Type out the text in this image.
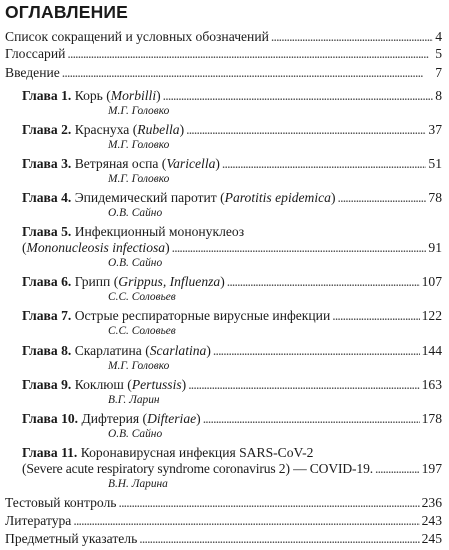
ОГЛАВЛЕНИЕ
Список сокращений и условных обозначений . . .	4
Глоссарий . . .	5
Введение . . .	7
Глава 1. Корь (Morbilli) . . .	8
М.Г. Головко
Глава 2. Краснуха (Rubella) . . .	37
М.Г. Головко
Глава 3. Ветряная оспа (Varicella) . . .	51
М.Г. Головко
Глава 4. Эпидемический паротит (Parotitis epidemica) . . .	78
О.В. Сайно
Глава 5. Инфекционный мононуклеоз
(Mononucleosis infectiosa) . . .	91
О.В. Сайно
Глава 6. Грипп (Grippus, Influenza) . . .	107
С.С. Соловьев
Глава 7. Острые респираторные вирусные инфекции . . .	122
С.С. Соловьев
Глава 8. Скарлатина (Scarlatina) . . .	144
М.Г. Головко
Глава 9. Коклюш (Pertussis) . . .	163
В.Г. Ларин
Глава 10. Дифтерия (Difteriae) . . .	178
О.В. Сайно
Глава 11. Коронавирусная инфекция SARS-CoV-2
(Severe acute respiratory syndrome coronavirus 2) — COVID-19. . . .	197
В.Н. Ларина
Тестовый контроль . . .	236
Литература . . .	243
Предметный указатель . . .	245
